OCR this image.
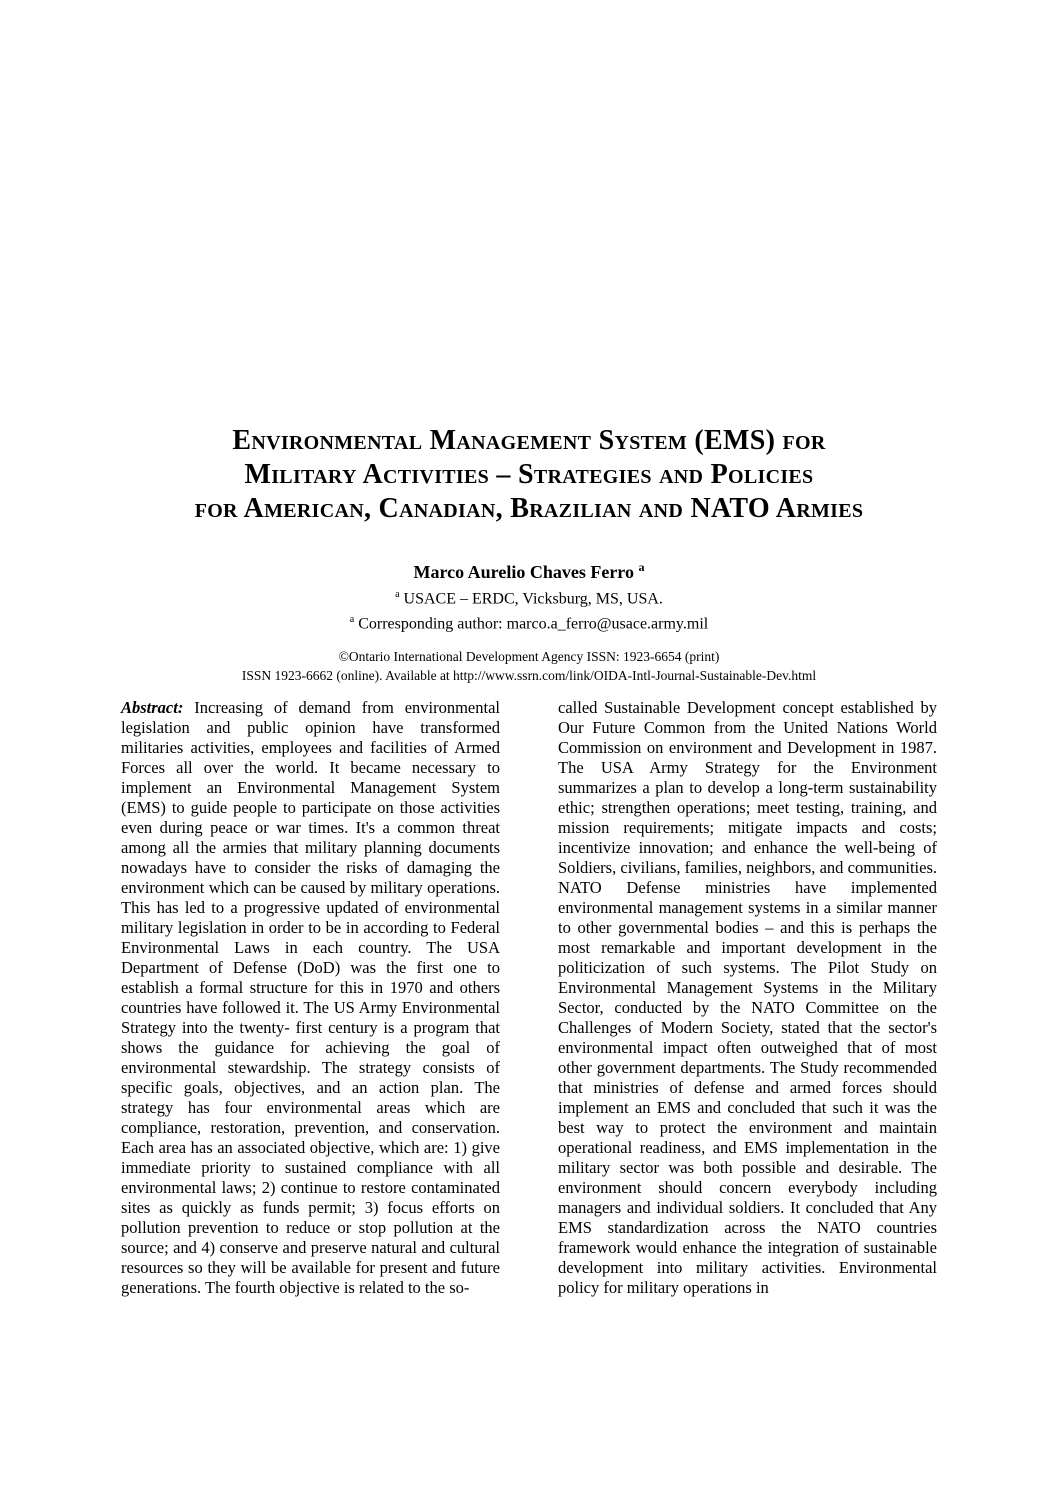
Environmental Management System (EMS) for
Military Activities – Strategies and Policies
for American, Canadian, Brazilian and NATO Armies
Marco Aurelio Chaves Ferro $^a$
$^a$ USACE – ERDC, Vicksburg, MS, USA.
$^a$ Corresponding author: marco.a_ferro@usace.army.mil
©Ontario International Development Agency ISSN: 1923-6654 (print)
ISSN 1923-6662 (online). Available at http://www.ssrn.com/link/OIDA-Intl-Journal-Sustainable-Dev.html
Abstract: Increasing of demand from environmental legislation and public opinion have transformed militaries activities, employees and facilities of Armed Forces all over the world. It became necessary to implement an Environmental Management System (EMS) to guide people to participate on those activities even during peace or war times. It's a common threat among all the armies that military planning documents nowadays have to consider the risks of damaging the environment which can be caused by military operations. This has led to a progressive updated of environmental military legislation in order to be in according to Federal Environmental Laws in each country. The USA Department of Defense (DoD) was the first one to establish a formal structure for this in 1970 and others countries have followed it. The US Army Environmental Strategy into the twenty- first century is a program that shows the guidance for achieving the goal of environmental stewardship. The strategy consists of specific goals, objectives, and an action plan. The strategy has four environmental areas which are compliance, restoration, prevention, and conservation. Each area has an associated objective, which are: 1) give immediate priority to sustained compliance with all environmental laws; 2) continue to restore contaminated sites as quickly as funds permit; 3) focus efforts on pollution prevention to reduce or stop pollution at the source; and 4) conserve and preserve natural and cultural resources so they will be available for present and future generations. The fourth objective is related to the so-
called Sustainable Development concept established by Our Future Common from the United Nations World Commission on environment and Development in 1987. The USA Army Strategy for the Environment summarizes a plan to develop a long-term sustainability ethic; strengthen operations; meet testing, training, and mission requirements; mitigate impacts and costs; incentivize innovation; and enhance the well-being of Soldiers, civilians, families, neighbors, and communities. NATO Defense ministries have implemented environmental management systems in a similar manner to other governmental bodies – and this is perhaps the most remarkable and important development in the politicization of such systems. The Pilot Study on Environmental Management Systems in the Military Sector, conducted by the NATO Committee on the Challenges of Modern Society, stated that the sector's environmental impact often outweighed that of most other government departments. The Study recommended that ministries of defense and armed forces should implement an EMS and concluded that such it was the best way to protect the environment and maintain operational readiness, and EMS implementation in the military sector was both possible and desirable. The environment should concern everybody including managers and individual soldiers. It concluded that Any EMS standardization across the NATO countries framework would enhance the integration of sustainable development into military activities. Environmental policy for military operations in
